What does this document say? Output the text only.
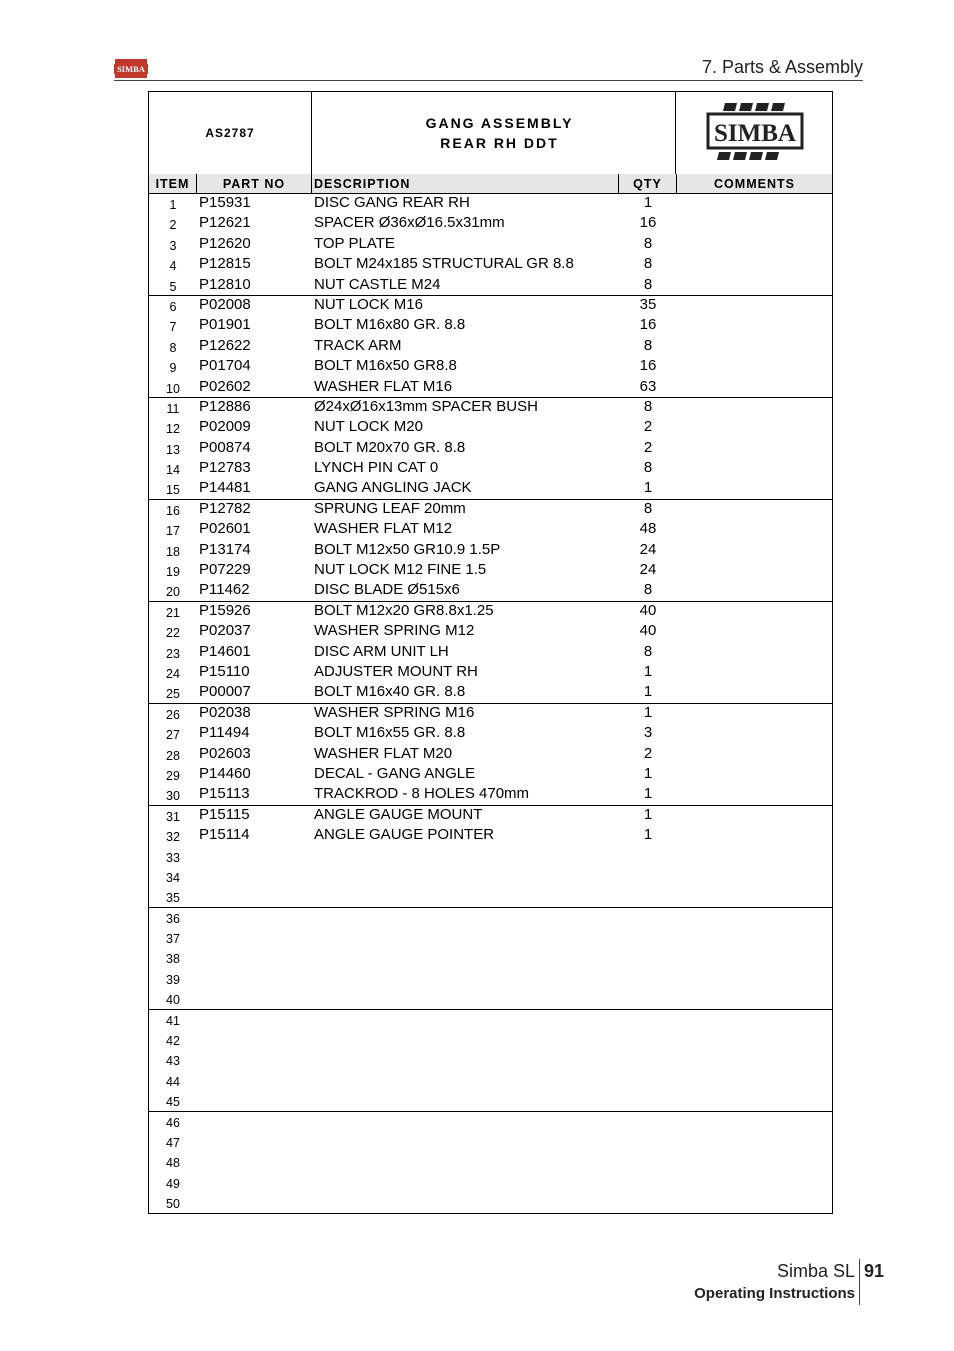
SIMBA	7. Parts & Assembly
AS2787
GANG ASSEMBLY
REAR RH DDT	SIMBA
ITEM	PART NO	DESCRIPTION	QTY	COMMENTS
1	P15931	DISC GANG REAR RH	1
2	P12621	SPACER Ø36xØ16.5x31mm	16
3	P12620	TOP PLATE	8
4	P12815	BOLT M24x185 STRUCTURAL GR 8.8	8
5	P12810	NUT CASTLE M24	8
6	P02008	NUT LOCK M16	35
7	P01901	BOLT M16x80 GR. 8.8	16
8	P12622	TRACK ARM	8
9	P01704	BOLT M16x50 GR8.8	16
10	P02602	WASHER FLAT M16	63
11	P12886	Ø24xØ16x13mm SPACER BUSH	8
12	P02009	NUT LOCK M20	2
13	P00874	BOLT M20x70 GR. 8.8	2
14	P12783	LYNCH PIN CAT 0	8
15	P14481	GANG ANGLING JACK	1
16	P12782	SPRUNG LEAF 20mm	8
17	P02601	WASHER FLAT M12	48
18	P13174	BOLT M12x50 GR10.9 1.5P	24
19	P07229	NUT LOCK M12 FINE 1.5	24
20	P11462	DISC BLADE Ø515x6	8
21	P15926	BOLT M12x20 GR8.8x1.25	40
22	P02037	WASHER SPRING M12	40
23	P14601	DISC ARM UNIT LH	8
24	P15110	ADJUSTER MOUNT RH	1
25	P00007	BOLT M16x40 GR. 8.8	1
26	P02038	WASHER SPRING M16	1
27	P11494	BOLT M16x55 GR. 8.8	3
28	P02603	WASHER FLAT M20	2
29	P14460	DECAL - GANG ANGLE	1
30	P15113	TRACKROD - 8 HOLES 470mm	1
31	P15115	ANGLE GAUGE MOUNT	1
32	P15114	ANGLE GAUGE POINTER	1
33
34
35
36
37
38
39
40
41
42
43
44
45
46
47
48
49
50
Simba SL 91
Operating Instructions
